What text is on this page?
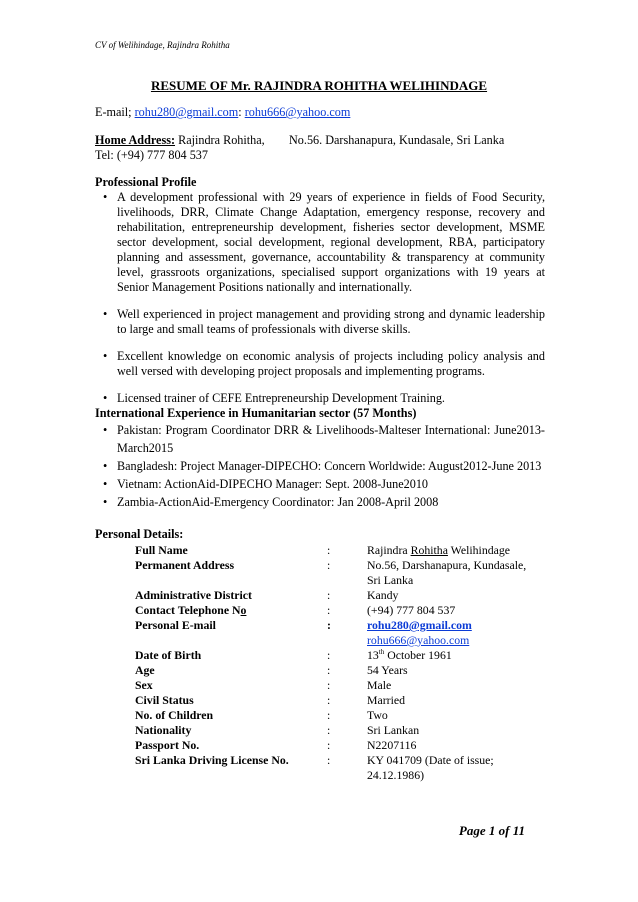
CV of Welihindage, Rajindra Rohitha
RESUME OF Mr. RAJINDRA ROHITHA WELIHINDAGE
E-mail; rohu280@gmail.com: rohu666@yahoo.com
Home Address: Rajindra Rohitha, No.56. Darshanapura, Kundasale, Sri Lanka
Tel: (+94) 777 804 537
Professional Profile
• A development professional with 29 years of experience in fields of Food Security, livelihoods, DRR, Climate Change Adaptation, emergency response, recovery and rehabilitation, entrepreneurship development, fisheries sector development, MSME sector development, social development, regional development, RBA, participatory planning and assessment, governance, accountability & transparency at community level, grassroots organizations, specialised support organizations with 19 years at Senior Management Positions nationally and internationally.
• Well experienced in project management and providing strong and dynamic leadership to large and small teams of professionals with diverse skills.
• Excellent knowledge on economic analysis of projects including policy analysis and well versed with developing project proposals and implementing programs.
• Licensed trainer of CEFE Entrepreneurship Development Training.
International Experience in Humanitarian sector (57 Months)
• Pakistan: Program Coordinator DRR & Livelihoods-Malteser International: June2013-March2015
• Bangladesh: Project Manager-DIPECHO: Concern Worldwide: August2012-June 2013
• Vietnam: ActionAid-DIPECHO Manager: Sept. 2008-June2010
• Zambia-ActionAid-Emergency Coordinator: Jan 2008-April 2008
Personal Details:
Full Name	:	Rajindra Rohitha Welihindage
Permanent Address	:	No.56, Darshanapura, Kundasale,
Sri Lanka
Administrative District	:	Kandy
Contact Telephone No	:	(+94) 777 804 537
Personal E-mail	:	rohu280@gmail.com
rohu666@yahoo.com
Date of Birth	:	13th October 1961
Age	:	54 Years
Sex	:	Male
Civil Status	:	Married
No. of Children	:	Two
Nationality	:	Sri Lankan
Passport No.	:	N2207116
Sri Lanka Driving License No.	:	KY 041709 (Date of issue;
24.12.1986)
Page 1 of 11
